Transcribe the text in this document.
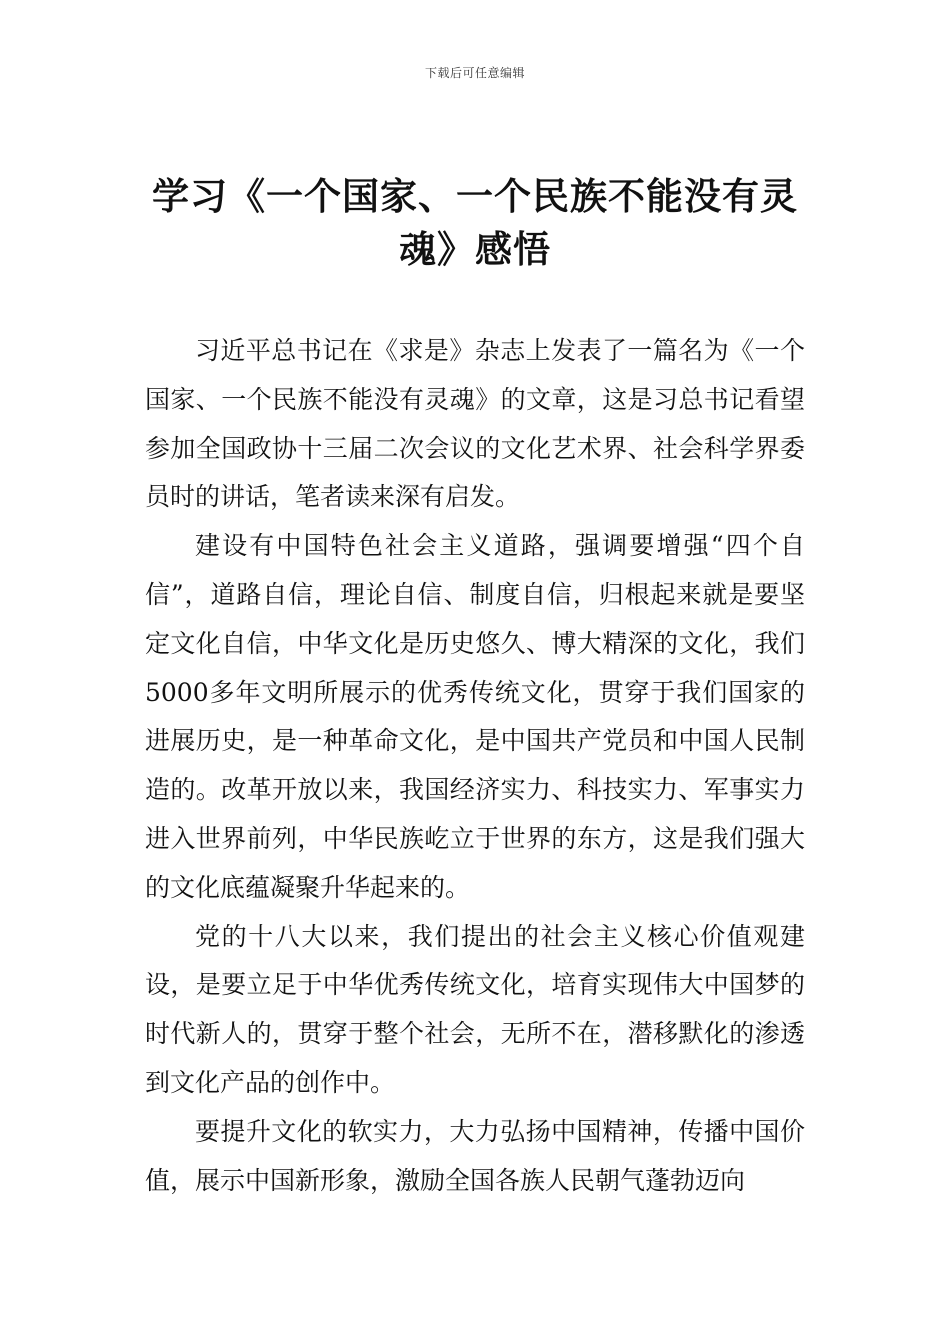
下载后可任意编辑
学习《一个国家、一个民族不能没有灵魂》感悟

习近平总书记在《求是》杂志上发表了一篇名为《一个国家、一个民族不能没有灵魂》的文章，这是习总书记看望参加全国政协十三届二次会议的文化艺术界、社会科学界委员时的讲话，笔者读来深有启发。

建设有中国特色社会主义道路，强调要增强“四个自信”，道路自信，理论自信、制度自信，归根起来就是要坚定文化自信，中华文化是历史悠久、博大精深的文化，我们5000多年文明所展示的优秀传统文化，贯穿于我们国家的进展历史，是一种革命文化，是中国共产党员和中国人民制造的。改革开放以来，我国经济实力、科技实力、军事实力进入世界前列，中华民族屹立于世界的东方，这是我们强大的文化底蕴凝聚升华起来的。

党的十八大以来，我们提出的社会主义核心价值观建设，是要立足于中华优秀传统文化，培育实现伟大中国梦的时代新人的，贯穿于整个社会，无所不在，潜移默化的渗透到文化产品的创作中。

要提升文化的软实力，大力弘扬中国精神，传播中国价值，展示中国新形象，激励全国各族人民朝气蓬勃迈向
